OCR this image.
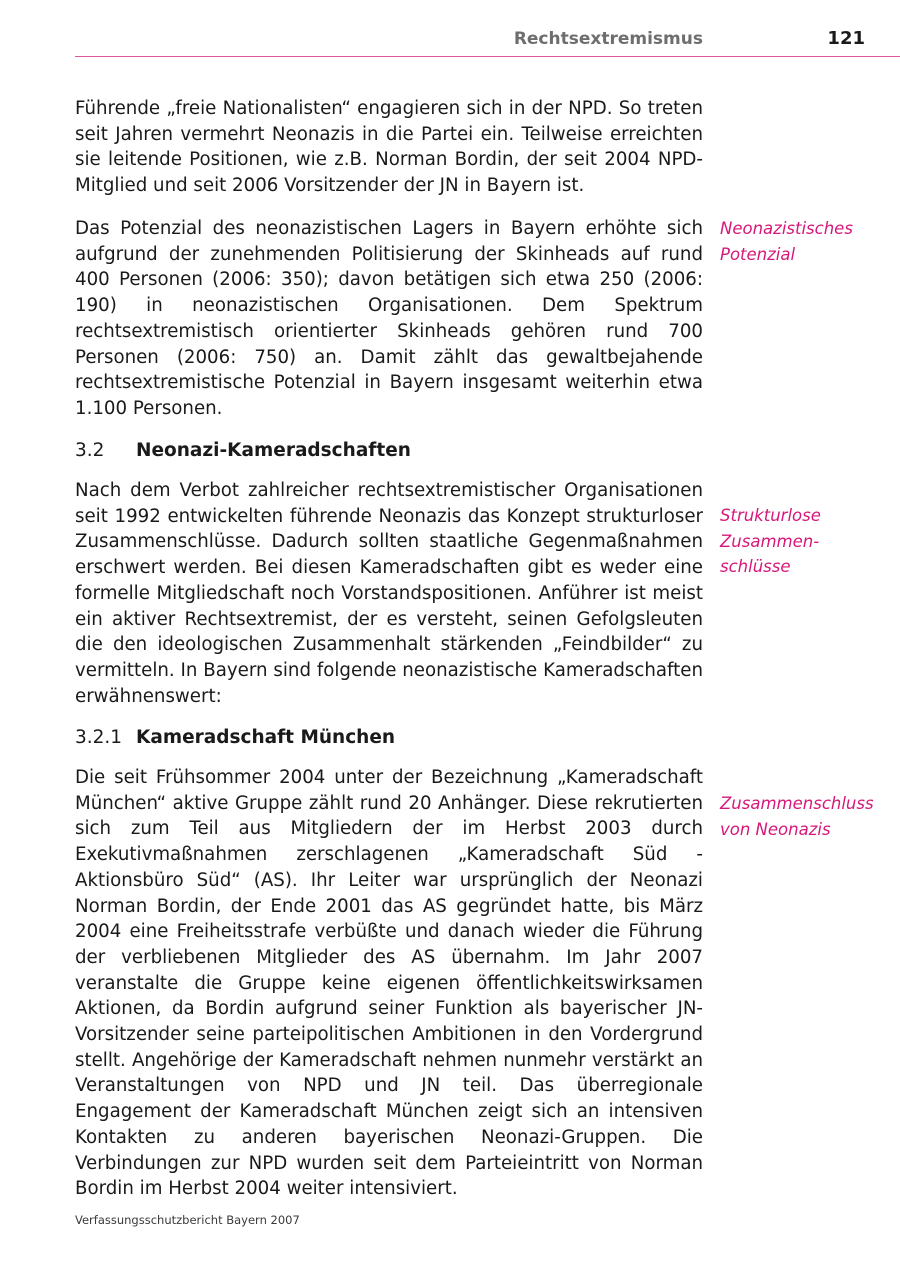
Rechtsextremismus	121

Führende „freie Nationalisten“ engagieren sich in der NPD. So treten seit Jahren vermehrt Neonazis in die Partei ein. Teilweise erreichten sie leitende Positionen, wie z.B. Norman Bordin, der seit 2004 NPD-Mitglied und seit 2006 Vorsitzender der JN in Bayern ist.

Das Potenzial des neonazistischen Lagers in Bayern erhöhte sich aufgrund der zunehmenden Politisierung der Skinheads auf rund 400 Personen (2006: 350); davon betätigen sich etwa 250 (2006: 190) in neonazistischen Organisationen. Dem Spektrum rechtsextremistisch orientierter Skinheads gehören rund 700 Personen (2006: 750) an. Damit zählt das gewaltbejahende rechtsextremistische Potenzial in Bayern insgesamt weiterhin etwa 1.100 Personen.

Neonazistisches
Potenzial
3.2 Neonazi-Kameradschaften

Nach dem Verbot zahlreicher rechtsextremistischer Organisationen seit 1992 entwickelten führende Neonazis das Konzept strukturloser Zusammenschlüsse. Dadurch sollten staatliche Gegenmaßnahmen erschwert werden. Bei diesen Kameradschaften gibt es weder eine formelle Mitgliedschaft noch Vorstandspositionen. Anführer ist meist ein aktiver Rechtsextremist, der es versteht, seinen Gefolgsleuten die den ideologischen Zusammenhalt stärkenden „Feindbilder“ zu vermitteln. In Bayern sind folgende neonazistische Kameradschaften erwähnenswert:

Strukturlose
Zusammen-
schlüsse
3.2.1 Kameradschaft München

Die seit Frühsommer 2004 unter der Bezeichnung „Kameradschaft München“ aktive Gruppe zählt rund 20 Anhänger. Diese rekrutierten sich zum Teil aus Mitgliedern der im Herbst 2003 durch Exekutivmaßnahmen zerschlagenen „Kameradschaft Süd - Aktionsbüro Süd“ (AS). Ihr Leiter war ursprünglich der Neonazi Norman Bordin, der Ende 2001 das AS gegründet hatte, bis März 2004 eine Freiheitsstrafe verbüßte und danach wieder die Führung der verbliebenen Mitglieder des AS übernahm. Im Jahr 2007 veranstalte die Gruppe keine eigenen öffentlichkeitswirksamen Aktionen, da Bordin aufgrund seiner Funktion als bayerischer JN-Vorsitzender seine parteipolitischen Ambitionen in den Vordergrund stellt. Angehörige der Kameradschaft nehmen nunmehr verstärkt an Veranstaltungen von NPD und JN teil. Das überregionale Engagement der Kameradschaft München zeigt sich an intensiven Kontakten zu anderen bayerischen Neonazi-Gruppen. Die Verbindungen zur NPD wurden seit dem Parteieintritt von Norman Bordin im Herbst 2004 weiter intensiviert.

Zusammenschluss
von Neonazis
Verfassungsschutzbericht Bayern 2007
